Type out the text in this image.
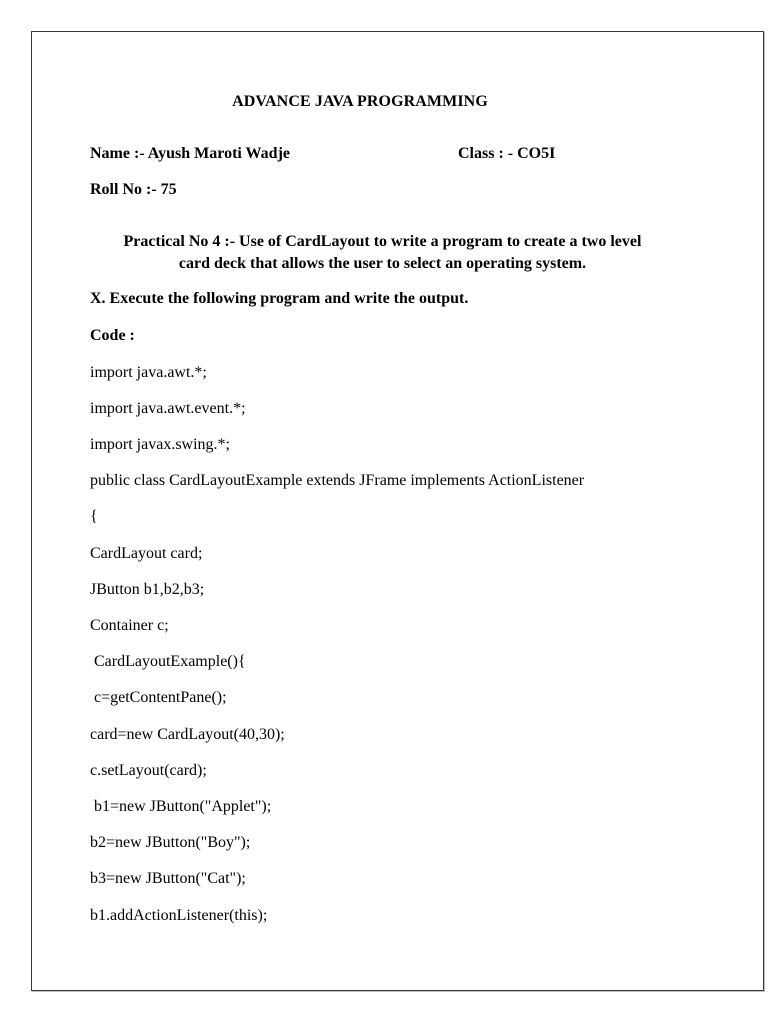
ADVANCE JAVA PROGRAMMING
Name :- Ayush Maroti Wadje	Class : - CO5I
Roll No :- 75
Practical No 4 :- Use of CardLayout to write a program to create a two level
card deck that allows the user to select an operating system.
X. Execute the following program and write the output.
Code :
import java.awt.*;
import java.awt.event.*;
import javax.swing.*;
public class CardLayoutExample extends JFrame implements ActionListener
{
CardLayout card;
JButton b1,b2,b3;
Container c;
CardLayoutExample(){
c=getContentPane();
card=new CardLayout(40,30);
c.setLayout(card);
b1=new JButton("Applet");
b2=new JButton("Boy");
b3=new JButton("Cat");
b1.addActionListener(this);
